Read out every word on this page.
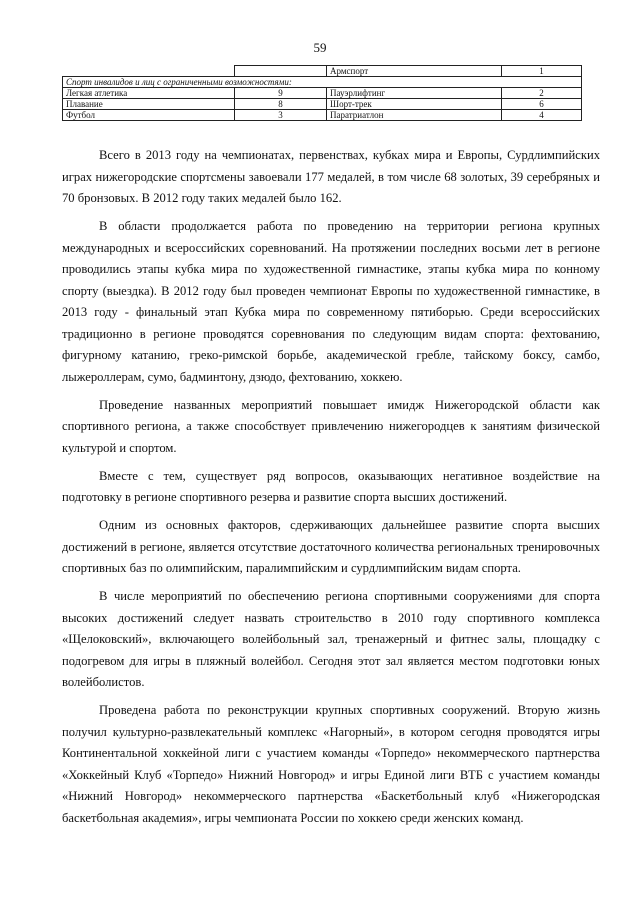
59
		Армспорт	1
Спорт инвалидов и лиц с ограниченными возможностями:			
Легкая атлетика	9	Пауэрлифтинг	2
Плавание	8	Шорт-трек	6
Футбол	3	Паратриатлон	4

Всего в 2013 году на чемпионатах, первенствах, кубках мира и Европы, Сурдлимпийских играх нижегородские спортсмены завоевали 177 медалей, в том числе 68 золотых, 39 серебряных и 70 бронзовых. В 2012 году таких медалей было 162.

В области продолжается работа по проведению на территории региона крупных международных и всероссийских соревнований. На протяжении последних восьми лет в регионе проводились этапы кубка мира по художественной гимнастике, этапы кубка мира по конному спорту (выездка). В 2012 году был проведен чемпионат Европы по художественной гимнастике, в 2013 году - финальный этап Кубка мира по современному пятиборью. Среди всероссийских традиционно в регионе проводятся соревнования по следующим видам спорта: фехтованию, фигурному катанию, греко-римской борьбе, академической гребле, тайскому боксу, самбо, лыжероллерам, сумо, бадминтону, дзюдо, фехтованию, хоккею.

Проведение названных мероприятий повышает имидж Нижегородской области как спортивного региона, а также способствует привлечению нижегородцев к занятиям физической культурой и спортом.

Вместе с тем, существует ряд вопросов, оказывающих негативное воздействие на подготовку в регионе спортивного резерва и развитие спорта высших достижений.

Одним из основных факторов, сдерживающих дальнейшее развитие спорта высших достижений в регионе, является отсутствие достаточного количества региональных тренировочных спортивных баз по олимпийским, паралимпийским и сурдлимпийским видам спорта.

В числе мероприятий по обеспечению региона спортивными сооружениями для спорта высоких достижений следует назвать строительство в 2010 году спортивного комплекса «Щелоковский», включающего волейбольный зал, тренажерный и фитнес залы, площадку с подогревом для игры в пляжный волейбол. Сегодня этот зал является местом подготовки юных волейболистов.

Проведена работа по реконструкции крупных спортивных сооружений. Вторую жизнь получил культурно-развлекательный комплекс «Нагорный», в котором сегодня проводятся игры Континентальной хоккейной лиги с участием команды «Торпедо» некоммерческого партнерства «Хоккейный Клуб «Торпедо» Нижний Новгород» и игры Единой лиги ВТБ с участием команды «Нижний Новгород» некоммерческого партнерства «Баскетбольный клуб «Нижегородская баскетбольная академия», игры чемпионата России по хоккею среди женских команд.
